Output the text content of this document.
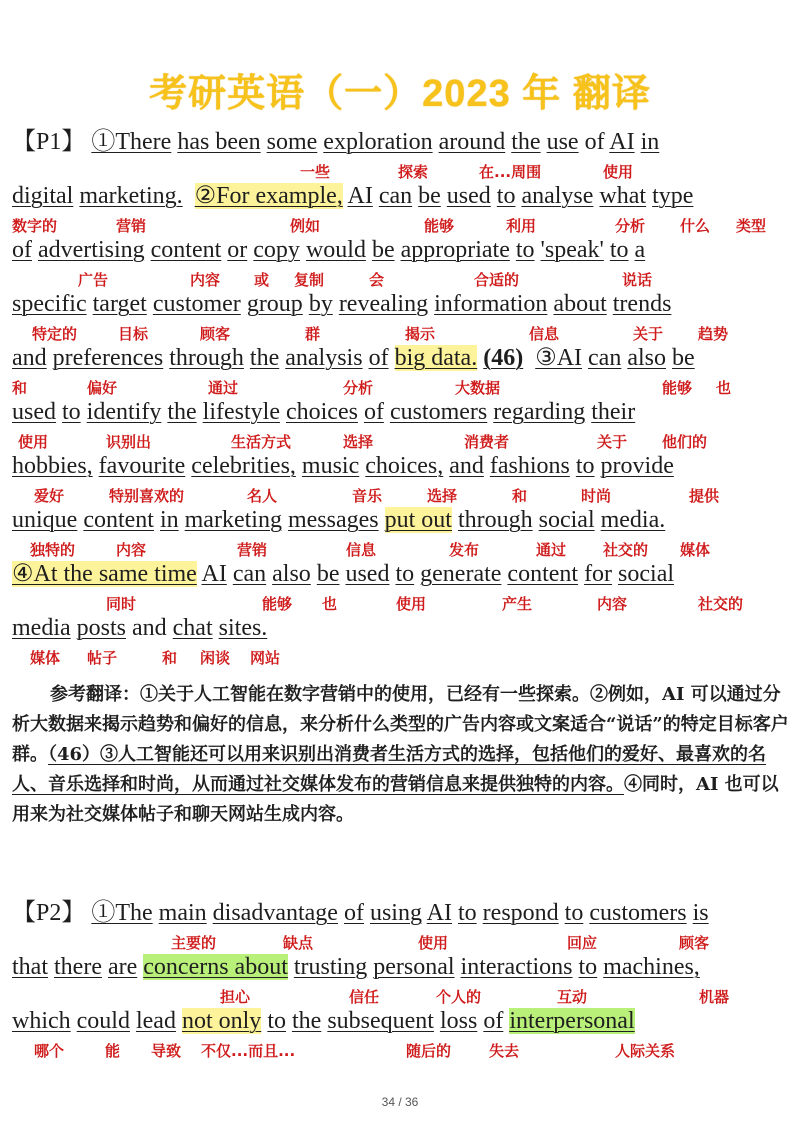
考研英语（一）2023 年 翻译
【P1】 ①There has been some exploration around the use of AI in
digital marketing. ②For example, AI can be used to analyse what type
of advertising content or copy would be appropriate to 'speak' to a
specific target customer group by revealing information about trends
and preferences through the analysis of big data. (46) ③AI can also be
used to identify the lifestyle choices of customers regarding their
hobbies, favourite celebrities, music choices, and fashions to provide
unique content in marketing messages put out through social media.
④At the same time AI can also be used to generate content for social
media posts and chat sites.
一些	探索	在...周围	使用
数字的	营销	例如	能够	利用	分析 什么 类型
广告	内容 或 复制	会	合适的	说话
特定的	目标	顾客	群	揭示	信息	关于 趋势
和	偏好	通过	分析	大数据	能够 也
使用	识别出	生活方式	选择	消费者	关于 他们的
爱好	特别喜欢的	名人	音乐	选择	和	时尚	提供
独特的	内容	营销	信息	发布	通过 社交的 媒体
同时	能够 也	使用	产生	内容	社交的
媒体 帖子	和 闲谈 网站
参考翻译：①关于人工智能在数字营销中的使用，已经有一些探索。②例如，AI 可以通过分析大数据来揭示趋势和偏好的信息，来分析什么类型的广告内容或文案适合“说话”的特定目标客户群。（46）③人工智能还可以用来识别出消费者生活方式的选择，包括他们的爱好、最喜欢的名人、音乐选择和时尚，从而通过社交媒体发布的营销信息来提供独特的内容。④同时，AI 也可以用来为社交媒体帖子和聊天网站生成内容。
【P2】 ①The main disadvantage of using AI to respond to customers is
that there are concerns about trusting personal interactions to machines,
which could lead not only to the subsequent loss of interpersonal
主要的	缺点	使用	回应	顾客
担心	信任	个人的	互动	机器
哪个	能 导致 不仅...而且...	随后的	失去	人际关系
34 / 36
